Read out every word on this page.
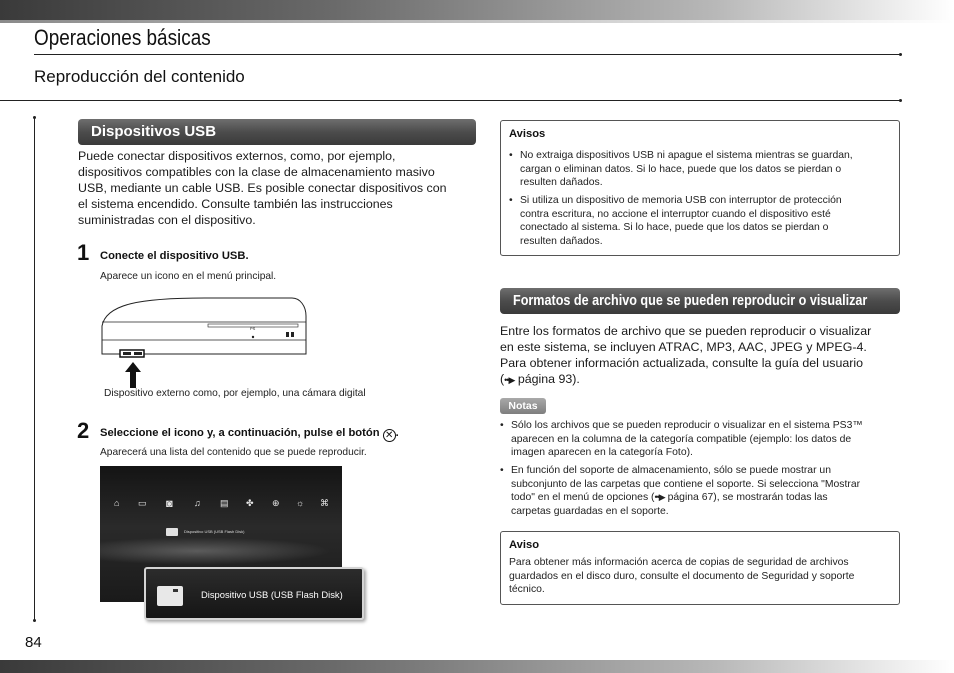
Operaciones básicas
Reproducción del contenido
Dispositivos USB
Puede conectar dispositivos externos, como, por ejemplo,
dispositivos compatibles con la clase de almacenamiento masivo
USB, mediante un cable USB. Es posible conectar dispositivos con
el sistema encendido. Consulte también las instrucciones
suministradas con el dispositivo.
1 Conecte el dispositivo USB.
Aparece un icono en el menú principal.
PS
Dispositivo externo como, por ejemplo, una cámara digital
2 Seleccione el icono y, a continuación, pulse el botón ✕ .
Aparecerá una lista del contenido que se puede reproducir.
⌂ ▭ ◙ ♫ ▤ ✤ ⊕ ☼ ⌘
Dispositivo USB (USB Flash Disk)
Dispositivo USB (USB Flash Disk)
Avisos
• No extraiga dispositivos USB ni apague el sistema mientras se guardan,
cargan o eliminan datos. Si lo hace, puede que los datos se pierdan o
resulten dañados.
• Si utiliza un dispositivo de memoria USB con interruptor de protección
contra escritura, no accione el interruptor cuando el dispositivo esté
conectado al sistema. Si lo hace, puede que los datos se pierdan o
resulten dañados.
Formatos de archivo que se pueden reproducir o visualizar
Entre los formatos de archivo que se pueden reproducir o visualizar
en este sistema, se incluyen ATRAC, MP3, AAC, JPEG y MPEG-4.
Para obtener información actualizada, consulte la guía del usuario
(••▶ página 93).
Notas
• Sólo los archivos que se pueden reproducir o visualizar en el sistema PS3™
aparecen en la columna de la categoría compatible (ejemplo: los datos de
imagen aparecen en la categoría Foto).
• En función del soporte de almacenamiento, sólo se puede mostrar un
subconjunto de las carpetas que contiene el soporte. Si selecciona "Mostrar
todo" en el menú de opciones (••▶ página 67), se mostrarán todas las
carpetas guardadas en el soporte.
Aviso
Para obtener más información acerca de copias de seguridad de archivos
guardados en el disco duro, consulte el documento de Seguridad y soporte
técnico.
84
